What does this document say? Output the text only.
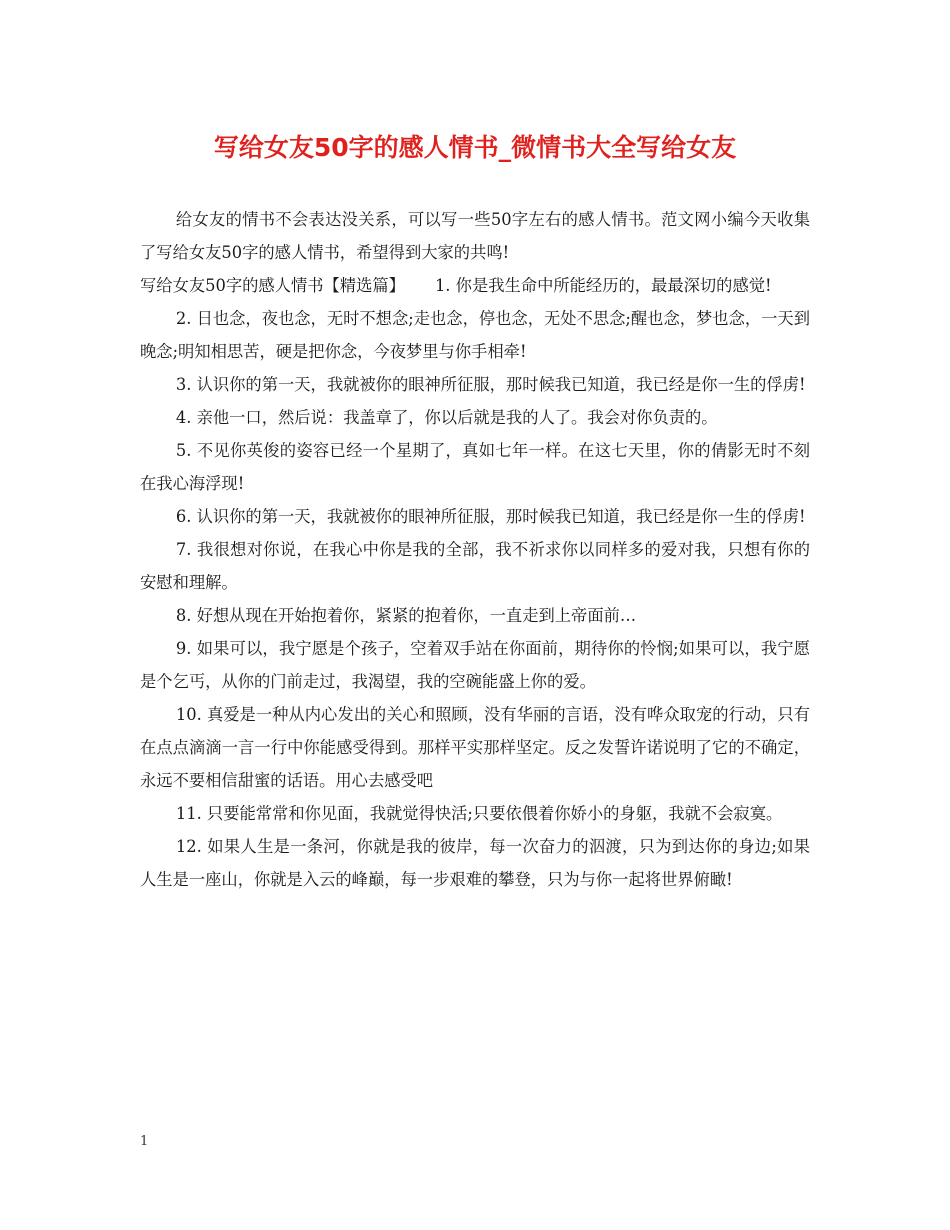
写给女友50字的感人情书_微情书大全写给女友

给女友的情书不会表达没关系，可以写一些50字左右的感人情书。范文网小编今天收集了写给女友50字的感人情书，希望得到大家的共鸣!

写给女友50字的感人情书【精选篇】 1. 你是我生命中所能经历的，最最深切的感觉!

2. 日也念，夜也念，无时不想念;走也念，停也念，无处不思念;醒也念，梦也念，一天到晚念;明知相思苦，硬是把你念，今夜梦里与你手相牵!

3. 认识你的第一天，我就被你的眼神所征服，那时候我已知道，我已经是你一生的俘虏!

4. 亲他一口，然后说：我盖章了，你以后就是我的人了。我会对你负责的。

5. 不见你英俊的姿容已经一个星期了，真如七年一样。在这七天里，你的倩影无时不刻在我心海浮现!

6. 认识你的第一天，我就被你的眼神所征服，那时候我已知道，我已经是你一生的俘虏!

7. 我很想对你说，在我心中你是我的全部，我不祈求你以同样多的爱对我，只想有你的安慰和理解。

8. 好想从现在开始抱着你，紧紧的抱着你，一直走到上帝面前…

9. 如果可以，我宁愿是个孩子，空着双手站在你面前，期待你的怜悯;如果可以，我宁愿是个乞丐，从你的门前走过，我渴望，我的空碗能盛上你的爱。

10. 真爱是一种从内心发出的关心和照顾，没有华丽的言语，没有哗众取宠的行动，只有在点点滴滴一言一行中你能感受得到。那样平实那样坚定。反之发誓许诺说明了它的不确定，永远不要相信甜蜜的话语。用心去感受吧

11. 只要能常常和你见面，我就觉得快活;只要依偎着你娇小的身躯，我就不会寂寞。

12. 如果人生是一条河，你就是我的彼岸，每一次奋力的泅渡，只为到达你的身边;如果人生是一座山，你就是入云的峰巅，每一步艰难的攀登，只为与你一起将世界俯瞰!

1
